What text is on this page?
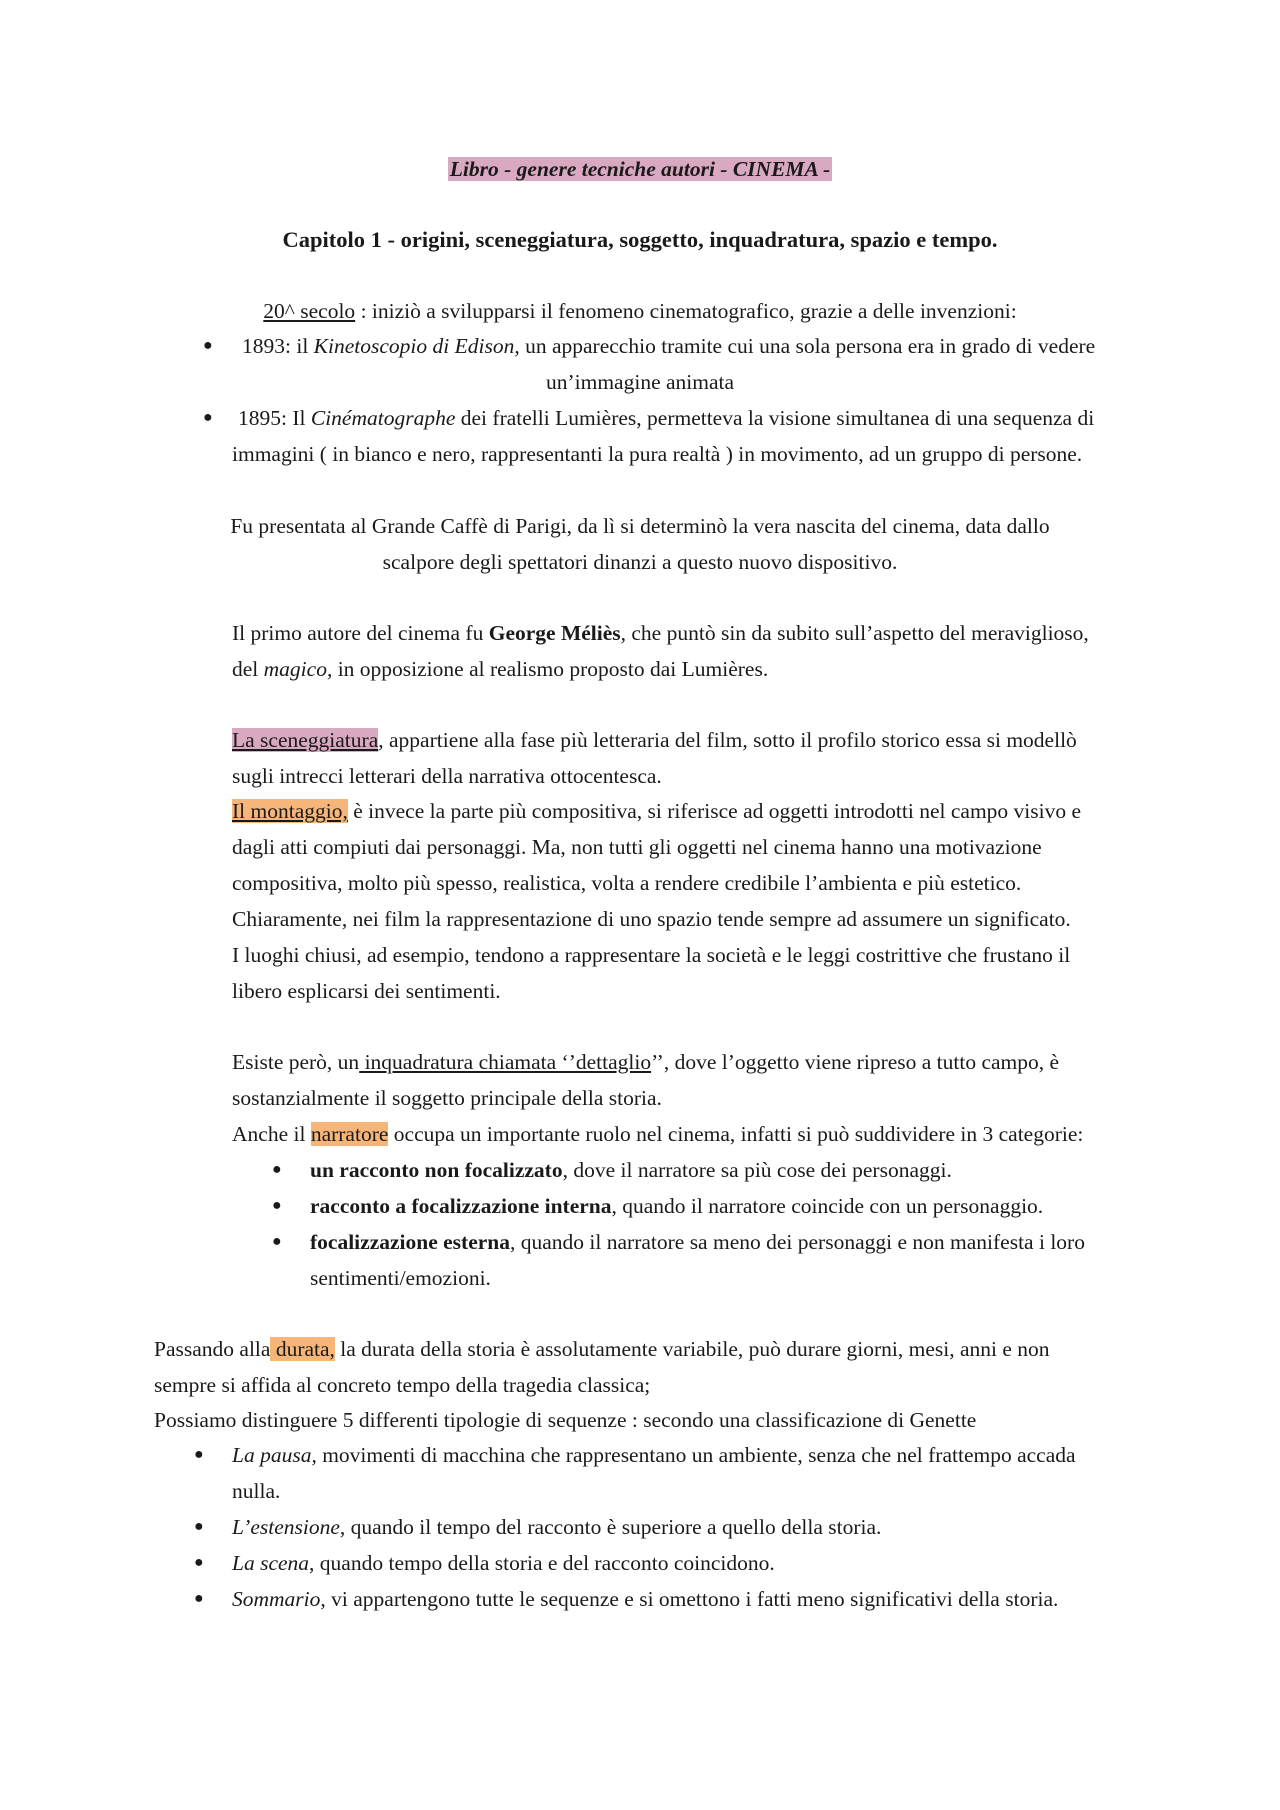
Libro - genere tecniche autori - CINEMA -
Capitolo 1 - origini, sceneggiatura, soggetto, inquadratura, spazio e tempo.
20^ secolo : iniziò a svilupparsi il fenomeno cinematografico, grazie a delle invenzioni:
● 1893: il Kinetoscopio di Edison, un apparecchio tramite cui una sola persona era in grado di vedere
un’immagine animata
● 1895: Il Cinématographe dei fratelli Lumières, permetteva la visione simultanea di una sequenza di
immagini ( in bianco e nero, rappresentanti la pura realtà ) in movimento, ad un gruppo di persone.
Fu presentata al Grande Caffè di Parigi, da lì si determinò la vera nascita del cinema, data dallo
scalpore degli spettatori dinanzi a questo nuovo dispositivo.
Il primo autore del cinema fu George Méliès, che puntò sin da subito sull’aspetto del meraviglioso,
del magico, in opposizione al realismo proposto dai Lumières.
La sceneggiatura, appartiene alla fase più letteraria del film, sotto il profilo storico essa si modellò
sugli intrecci letterari della narrativa ottocentesca.
Il montaggio, è invece la parte più compositiva, si riferisce ad oggetti introdotti nel campo visivo e
dagli atti compiuti dai personaggi. Ma, non tutti gli oggetti nel cinema hanno una motivazione
compositiva, molto più spesso, realistica, volta a rendere credibile l’ambienta e più estetico.
Chiaramente, nei film la rappresentazione di uno spazio tende sempre ad assumere un significato.
I luoghi chiusi, ad esempio, tendono a rappresentare la società e le leggi costrittive che frustano il
libero esplicarsi dei sentimenti.
Esiste però, un inquadratura chiamata ‘’dettaglio’’, dove l’oggetto viene ripreso a tutto campo, è
sostanzialmente il soggetto principale della storia.
Anche il narratore occupa un importante ruolo nel cinema, infatti si può suddividere in 3 categorie:
● un racconto non focalizzato, dove il narratore sa più cose dei personaggi.
● racconto a focalizzazione interna, quando il narratore coincide con un personaggio.
● focalizzazione esterna, quando il narratore sa meno dei personaggi e non manifesta i loro
sentimenti/emozioni.
Passando alla durata, la durata della storia è assolutamente variabile, può durare giorni, mesi, anni e non
sempre si affida al concreto tempo della tragedia classica;
Possiamo distinguere 5 differenti tipologie di sequenze : secondo una classificazione di Genette
● La pausa, movimenti di macchina che rappresentano un ambiente, senza che nel frattempo accada
nulla.
● L’estensione, quando il tempo del racconto è superiore a quello della storia.
● La scena, quando tempo della storia e del racconto coincidono.
● Sommario, vi appartengono tutte le sequenze e si omettono i fatti meno significativi della storia.
